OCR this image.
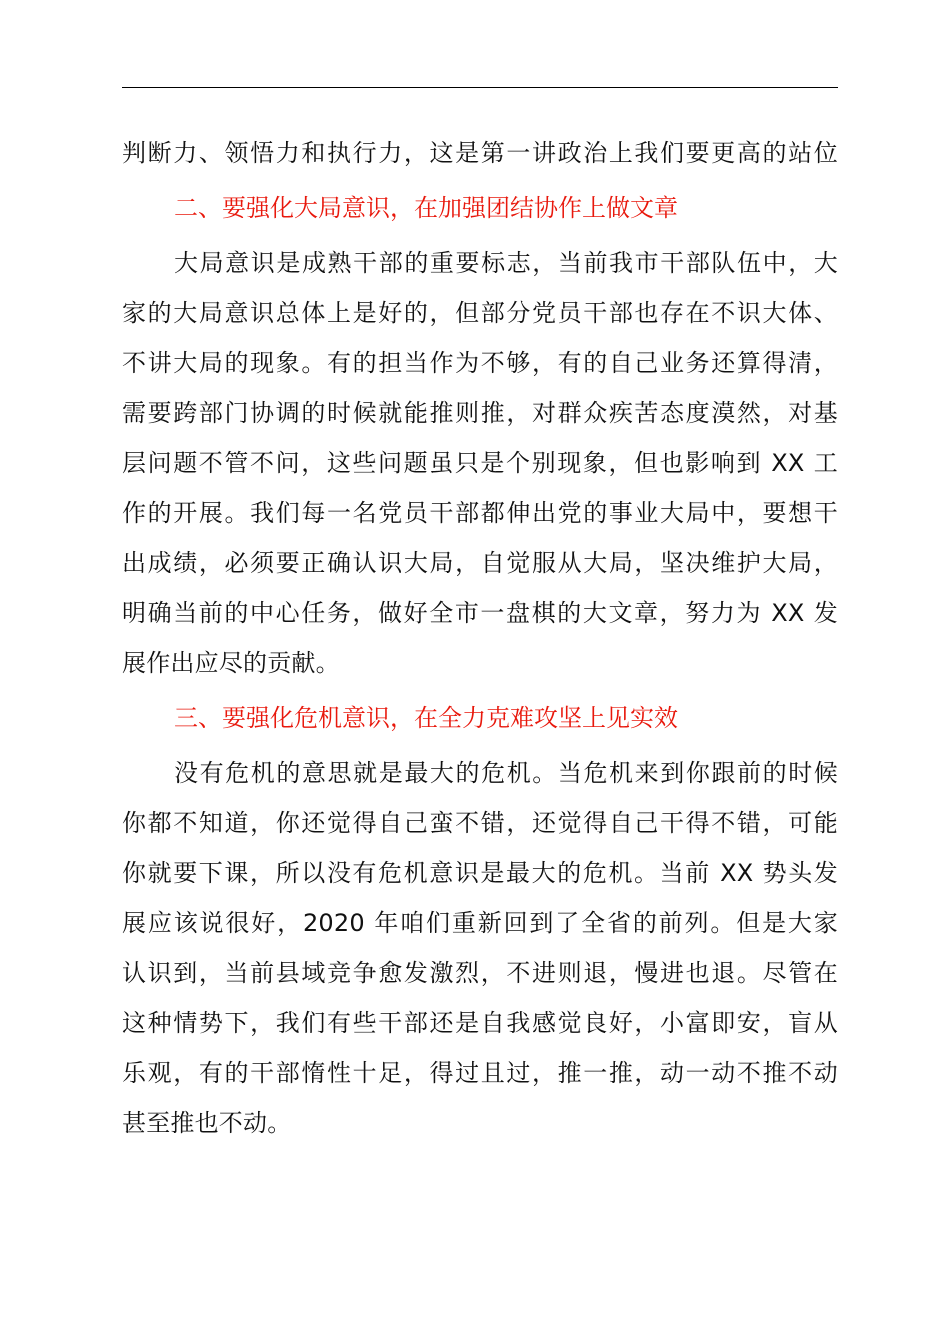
判断力、领悟力和执行力，这是第一讲政治上我们要更高的站位
二、要强化大局意识，在加强团结协作上做文章
大局意识是成熟干部的重要标志，当前我市干部队伍中，大
家的大局意识总体上是好的，但部分党员干部也存在不识大体、
不讲大局的现象。有的担当作为不够，有的自己业务还算得清，
需要跨部门协调的时候就能推则推，对群众疾苦态度漠然，对基
层问题不管不问，这些问题虽只是个别现象，但也影响到 XX 工
作的开展。我们每一名党员干部都伸出党的事业大局中，要想干
出成绩，必须要正确认识大局，自觉服从大局，坚决维护大局，
明确当前的中心任务，做好全市一盘棋的大文章，努力为 XX 发
展作出应尽的贡献。
三、要强化危机意识，在全力克难攻坚上见实效
没有危机的意思就是最大的危机。当危机来到你跟前的时候
你都不知道，你还觉得自己蛮不错，还觉得自己干得不错，可能
你就要下课，所以没有危机意识是最大的危机。当前 XX 势头发
展应该说很好，2020 年咱们重新回到了全省的前列。但是大家
认识到，当前县域竞争愈发激烈，不进则退，慢进也退。尽管在
这种情势下，我们有些干部还是自我感觉良好，小富即安，盲从
乐观，有的干部惰性十足，得过且过，推一推，动一动不推不动
甚至推也不动。
